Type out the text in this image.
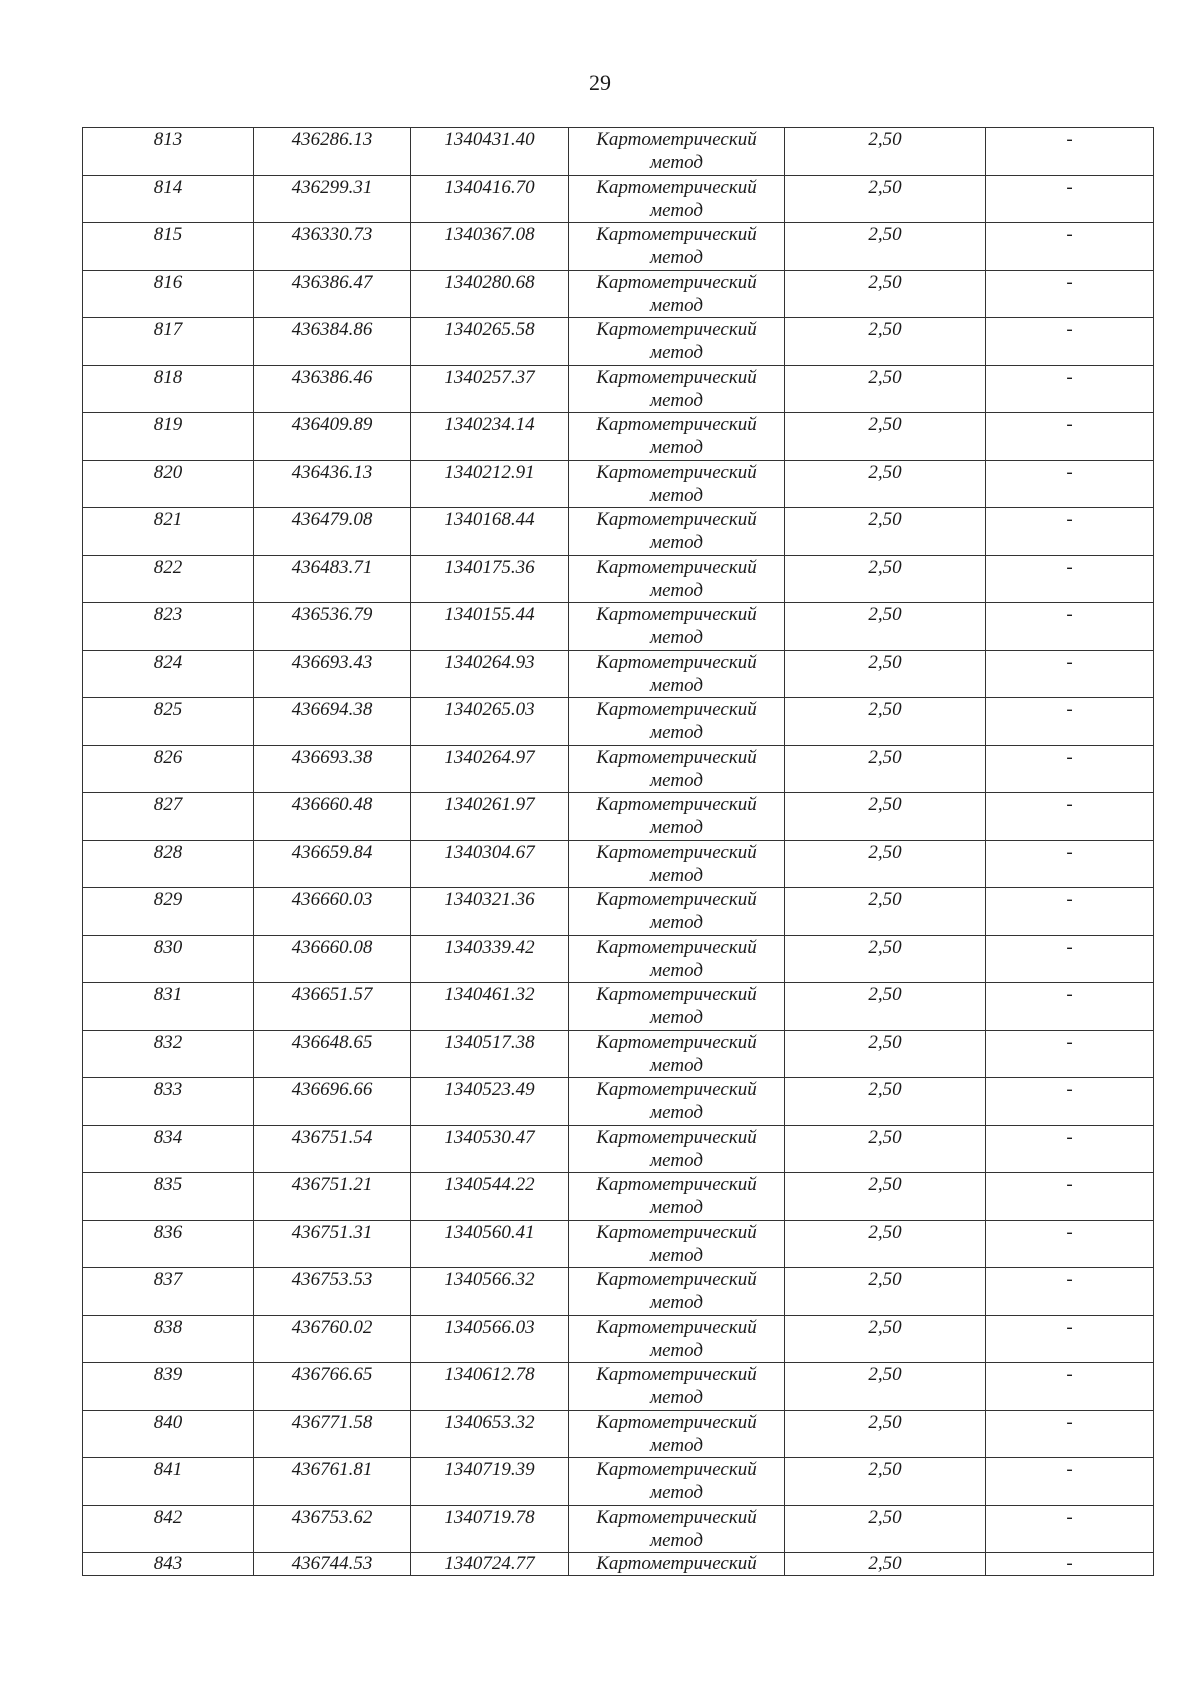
29
813	436286.13	1340431.40	Картометрический метод	2,50	-
814	436299.31	1340416.70	Картометрический метод	2,50	-
815	436330.73	1340367.08	Картометрический метод	2,50	-
816	436386.47	1340280.68	Картометрический метод	2,50	-
817	436384.86	1340265.58	Картометрический метод	2,50	-
818	436386.46	1340257.37	Картометрический метод	2,50	-
819	436409.89	1340234.14	Картометрический метод	2,50	-
820	436436.13	1340212.91	Картометрический метод	2,50	-
821	436479.08	1340168.44	Картометрический метод	2,50	-
822	436483.71	1340175.36	Картометрический метод	2,50	-
823	436536.79	1340155.44	Картометрический метод	2,50	-
824	436693.43	1340264.93	Картометрический метод	2,50	-
825	436694.38	1340265.03	Картометрический метод	2,50	-
826	436693.38	1340264.97	Картометрический метод	2,50	-
827	436660.48	1340261.97	Картометрический метод	2,50	-
828	436659.84	1340304.67	Картометрический метод	2,50	-
829	436660.03	1340321.36	Картометрический метод	2,50	-
830	436660.08	1340339.42	Картометрический метод	2,50	-
831	436651.57	1340461.32	Картометрический метод	2,50	-
832	436648.65	1340517.38	Картометрический метод	2,50	-
833	436696.66	1340523.49	Картометрический метод	2,50	-
834	436751.54	1340530.47	Картометрический метод	2,50	-
835	436751.21	1340544.22	Картометрический метод	2,50	-
836	436751.31	1340560.41	Картометрический метод	2,50	-
837	436753.53	1340566.32	Картометрический метод	2,50	-
838	436760.02	1340566.03	Картометрический метод	2,50	-
839	436766.65	1340612.78	Картометрический метод	2,50	-
840	436771.58	1340653.32	Картометрический метод	2,50	-
841	436761.81	1340719.39	Картометрический метод	2,50	-
842	436753.62	1340719.78	Картометрический метод	2,50	-
843	436744.53	1340724.77	Картометрический	2,50	-
